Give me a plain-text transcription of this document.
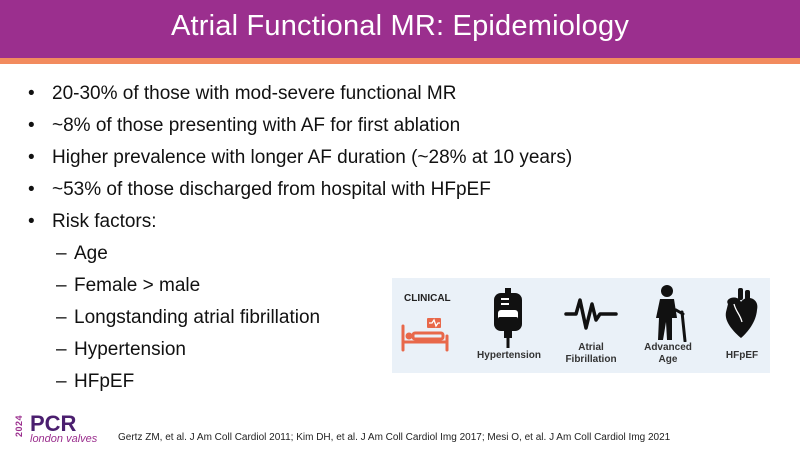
Atrial Functional MR: Epidemiology
• 20-30% of those with mod-severe functional MR
• ~8% of those presenting with AF for first ablation
• Higher prevalence with longer AF duration (~28% at 10 years)
• ~53% of those discharged from hospital with HFpEF
• Risk factors:
– Age
– Female > male
– Longstanding atrial fibrillation
– Hypertension
– HFpEF
CLINICAL
Hypertension
Atrial
Fibrillation
Advanced
Age	HFpEF
2024 PCR
london valves Gertz ZM, et al. J Am Coll Cardiol 2011; Kim DH, et al. J Am Coll Cardiol Img 2017; Mesi O, et al. J Am Coll Cardiol Img 2021
